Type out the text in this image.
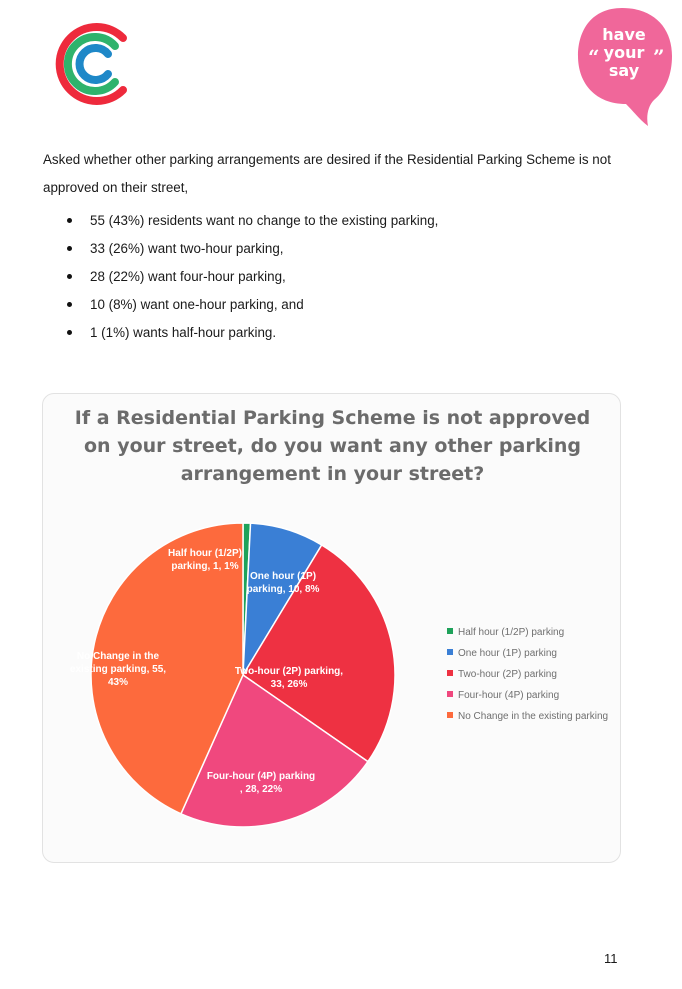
“	”
have
your
say

Asked whether other parking arrangements are desired if the Residential Parking Scheme is not approved on their street,

55 (43%) residents want no change to the existing parking,
33 (26%) want two-hour parking,
28 (22%) want four-hour parking,
10 (8%) want one-hour parking, and
1 (1%) wants half-hour parking.
If a Residential Parking Scheme is not approved
on your street, do you want any other parking
arrangement in your street?
Half hour (1/2P) parking, 1, 1%
One hour (1P) parking, 10, 8%
Two-hour (2P) parking, 33, 26%
Four-hour (4P) parking , 28, 22%
No Change in the existing parking, 55, 43%
Half hour (1/2P) parking
One hour (1P) parking
Two-hour (2P) parking
Four-hour (4P) parking
No Change in the existing parking
11
